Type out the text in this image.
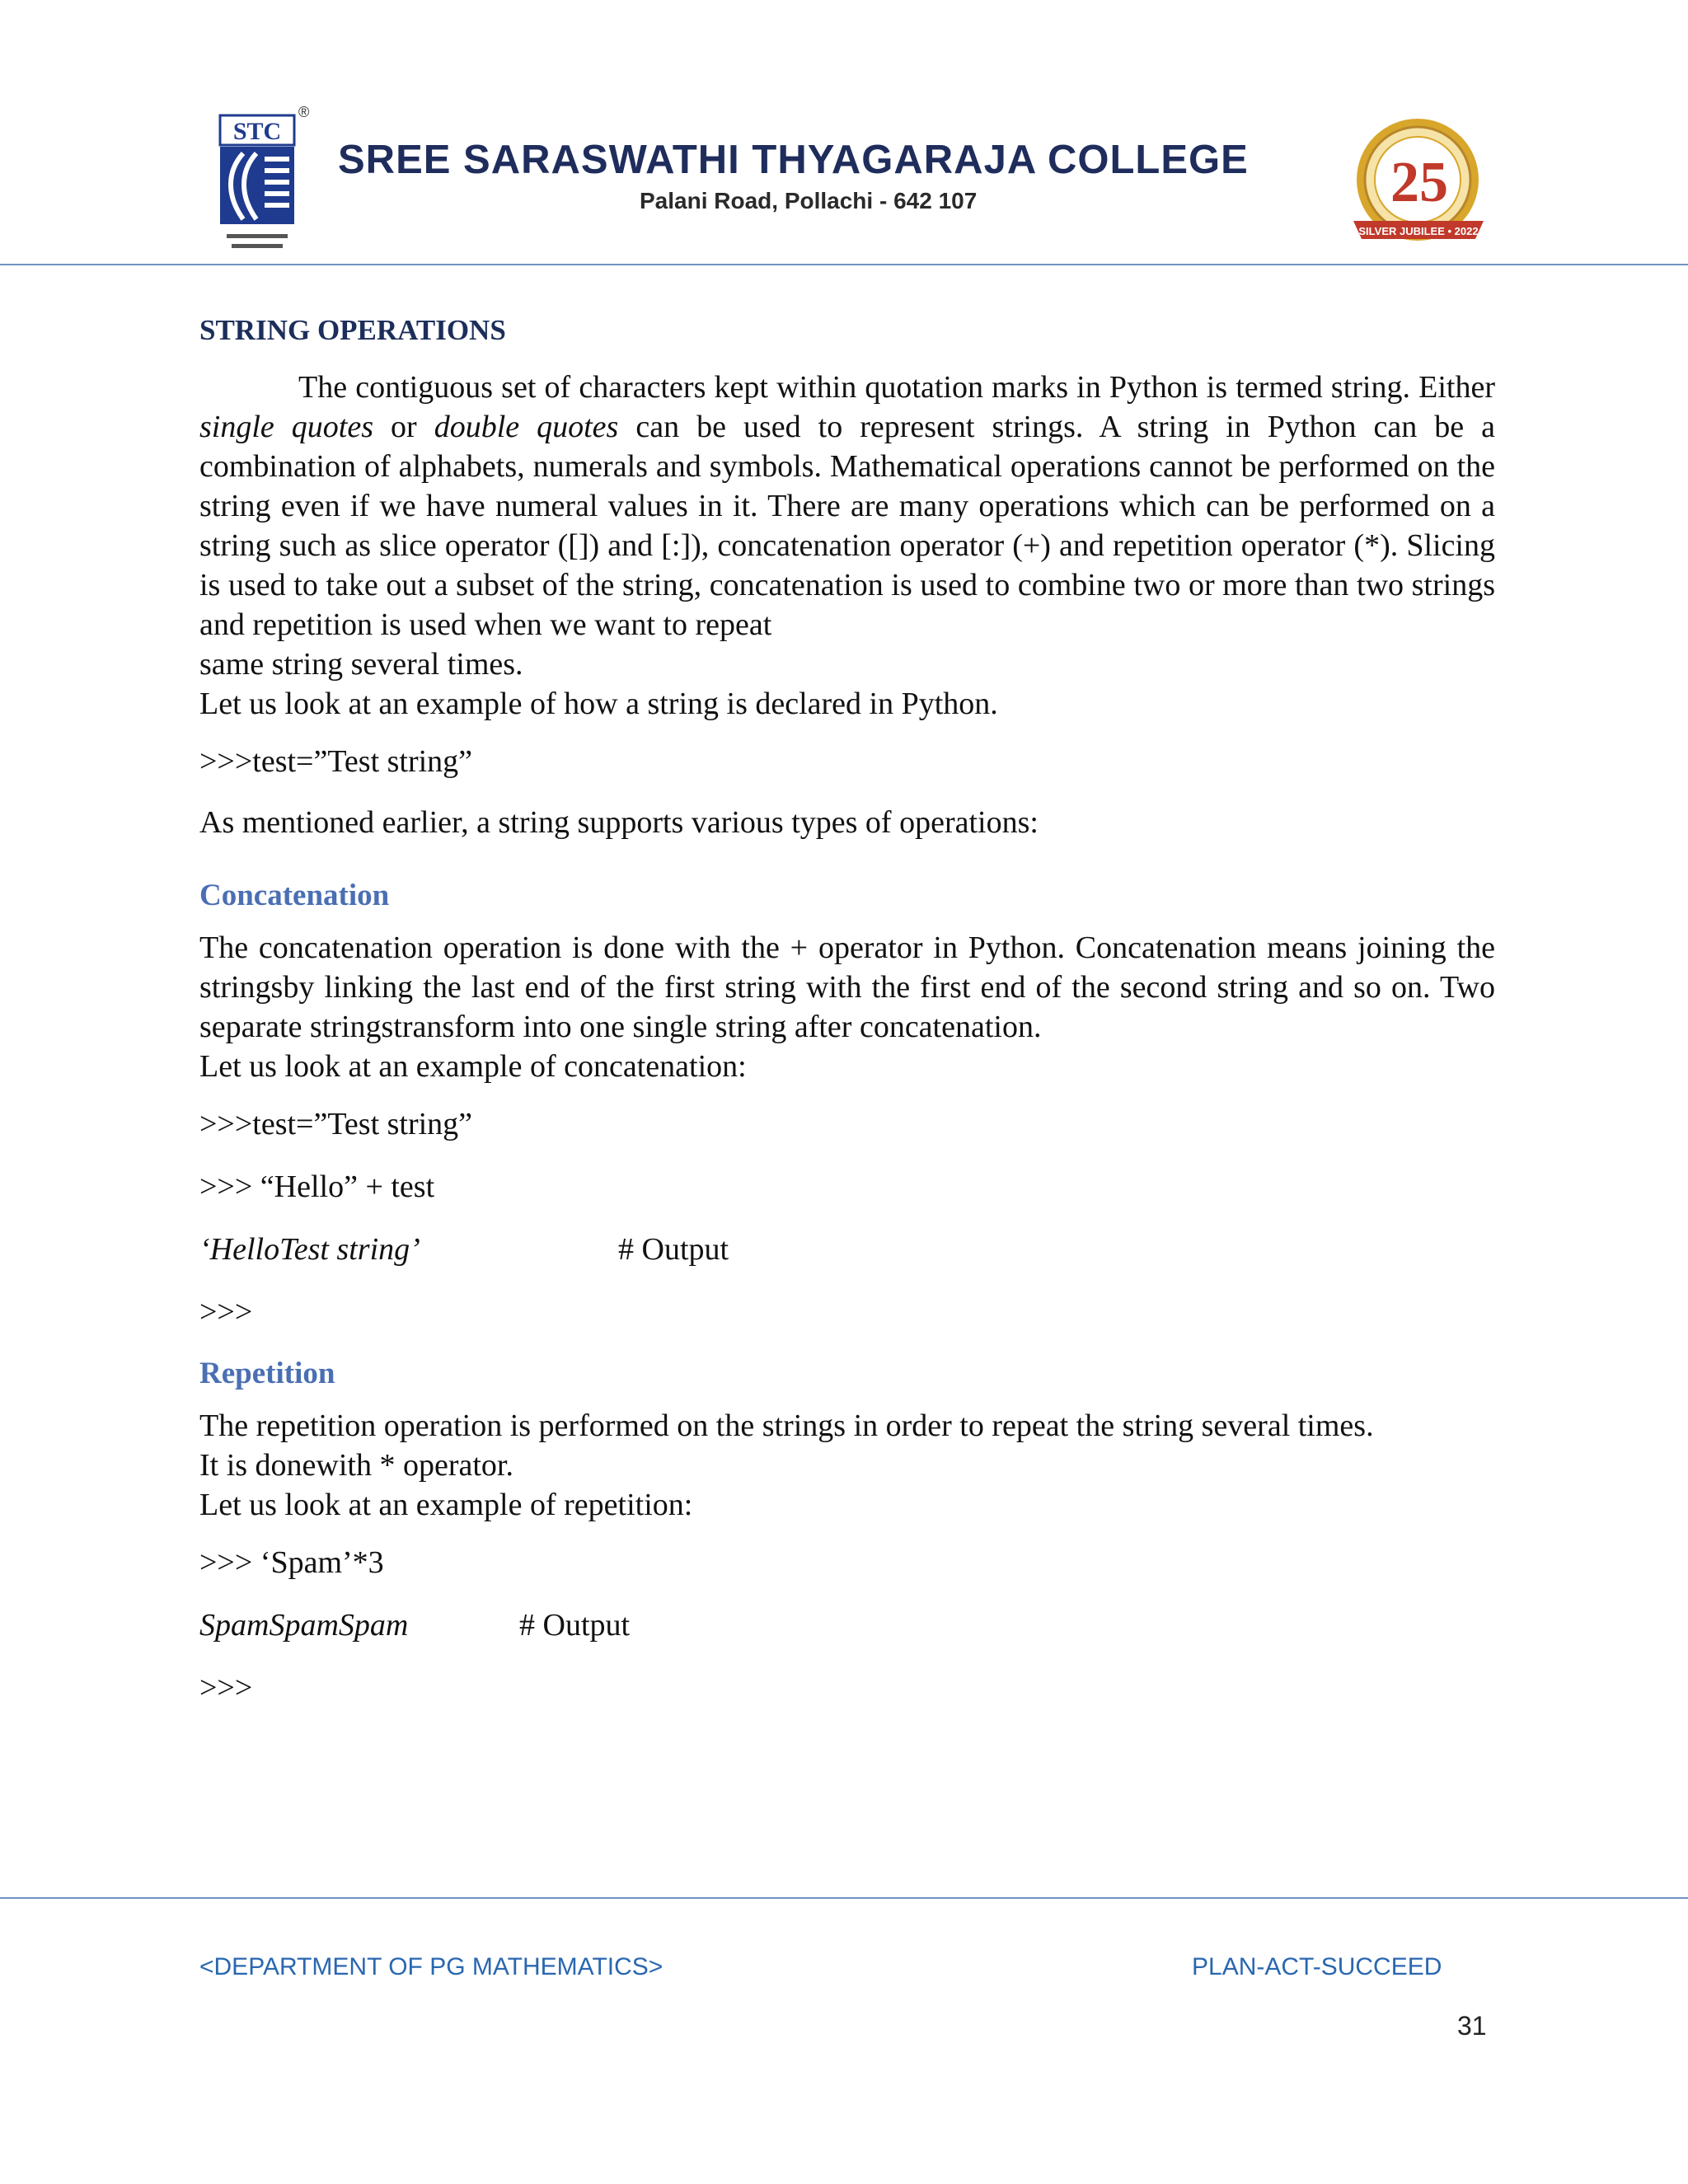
STC
®
SREE SARASWATHI THYAGARAJA COLLEGE
Palani Road, Pollachi - 642 107	25
SILVER JUBILEE • 2022
STRING OPERATIONS

The contiguous set of characters kept within quotation marks in Python is termed string. Either single quotes or double quotes can be used to represent strings. A string in Python can be a combination of alphabets, numerals and symbols. Mathematical operations cannot be performed on the string even if we have numeral values in it. There are many operations which can be performed on a string such as slice operator ([]) and [:]), concatenation operator (+) and repetition operator (*). Slicing is used to take out a subset of the string, concatenation is used to combine two or more than two strings and repetition is used when we want to repeat

same string several times.

Let us look at an example of how a string is declared in Python.

>>>test=”Test string”

As mentioned earlier, a string supports various types of operations:

Concatenation

The concatenation operation is done with the + operator in Python. Concatenation means joining the stringsby linking the last end of the first string with the first end of the second string and so on. Two separate stringstransform into one single string after concatenation.

Let us look at an example of concatenation:

>>>test=”Test string”

>>> “Hello” + test

‘HelloTest string’	# Output

>>>

Repetition

The repetition operation is performed on the strings in order to repeat the string several times.

It is donewith * operator.

Let us look at an example of repetition:

>>> ‘Spam’*3

SpamSpamSpam	# Output

>>>

<DEPARTMENT OF PG MATHEMATICS>	PLAN-ACT-SUCCEED
31
